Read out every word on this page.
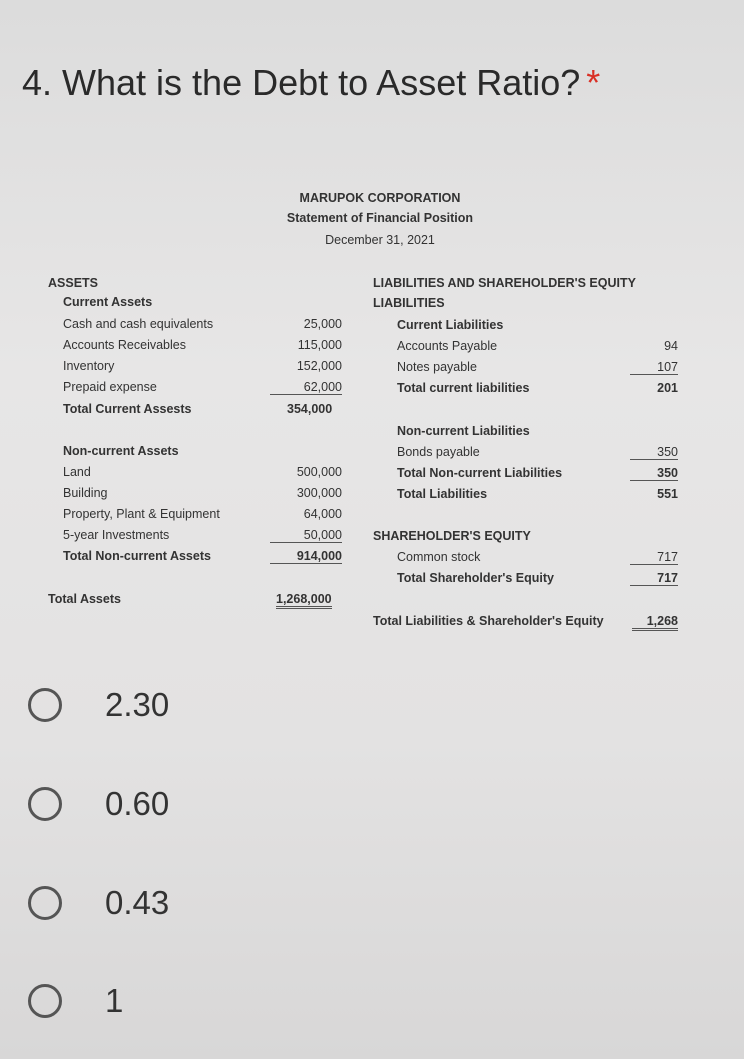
4. What is the Debt to Asset Ratio? *
MARUPOK CORPORATION
Statement of Financial Position
December 31, 2021
ASSETS
Current Assets
Cash and cash equivalents	25,000
Accounts Receivables	115,000
Inventory	152,000
Prepaid expense	62,000
Total Current Assests	354,000
Non-current Assets
Land	500,000
Building	300,000
Property, Plant & Equipment	64,000
5-year Investments	50,000
Total Non-current Assets	914,000
Total Assets	1,268,000
LIABILITIES AND SHAREHOLDER'S EQUITY
LIABILITIES
Current Liabilities
Accounts Payable	94
Notes payable	107
Total current liabilities	201
Non-current Liabilities
Bonds payable	350
Total Non-current Liabilities	350
Total Liabilities	551
SHAREHOLDER'S EQUITY
Common stock	717
Total Shareholder's Equity	717
Total Liabilities & Shareholder's Equity	1,268
2.30
0.60
0.43
1
